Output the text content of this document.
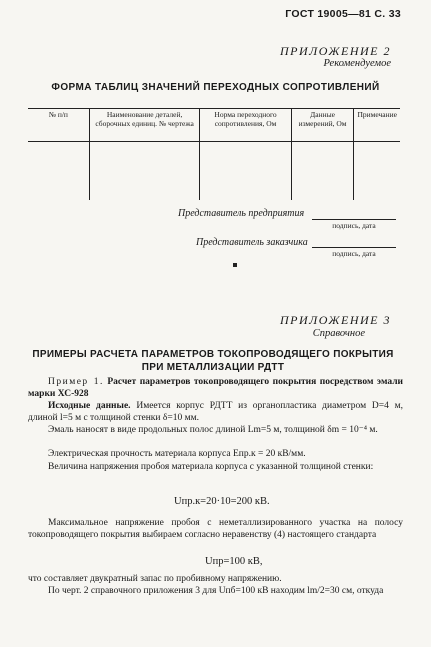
ГОСТ 19005—81 С. 33
ПРИЛОЖЕНИЕ 2
Рекомендуемое
ФОРМА ТАБЛИЦ ЗНАЧЕНИЙ ПЕРЕХОДНЫХ СОПРОТИВЛЕНИЙ
№ п/п	Наименование деталей, сборочных единиц. № чертежа	Норма переходного сопротивления, Ом	Данные измерений, Ом	Примечание

Представитель предприятия
подпись, дата
Представитель заказчика
подпись, дата
ПРИЛОЖЕНИЕ 3
Справочное
ПРИМЕРЫ РАСЧЕТА ПАРАМЕТРОВ ТОКОПРОВОДЯЩЕГО ПОКРЫТИЯ ПРИ МЕТАЛЛИЗАЦИИ РДТТ
Пример 1. Расчет параметров токопроводящего покрытия посредством эмали марки ХС-928
Исходные данные. Имеется корпус РДТТ из органопластика диаметром D=4 м, длиной l=5 м с толщиной стенки δ=10 мм.
Эмаль наносят в виде продольных полос длиной Lm=5 м, толщиной δm = 10⁻⁴ м.
Электрическая прочность материала корпуса Eпр.к = 20 кВ/мм.
Величина напряжения пробоя материала корпуса с указанной толщиной стенки:
Uпр.к=20·10=200 кВ.
Максимальное напряжение пробоя с неметаллизированного участка на полосу токопроводящего покрытия выбираем согласно неравенству (4) настоящего стандарта
Uпр=100 кВ,
что составляет двукратный запас по пробивному напряжению.
По черт. 2 справочного приложения 3 для Uпб=100 кВ находим lm/2=30 см, откуда
